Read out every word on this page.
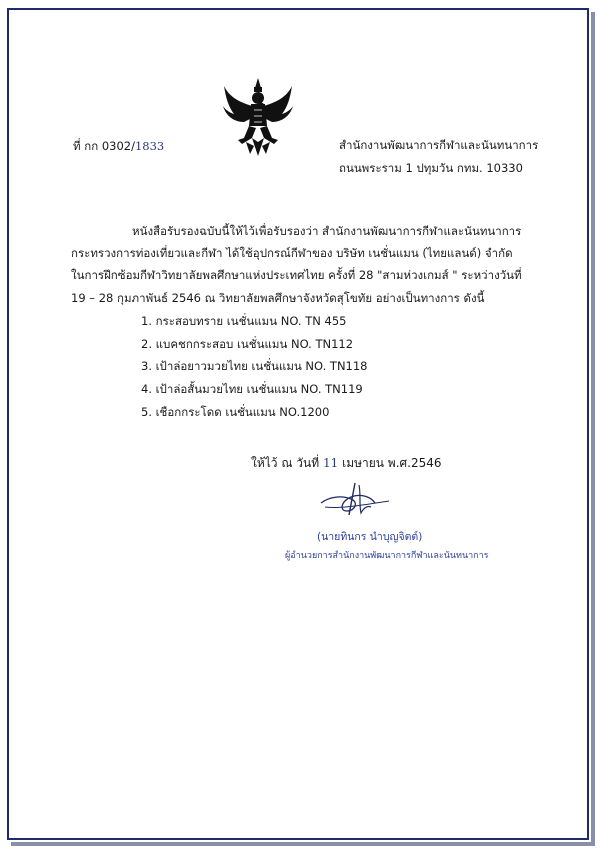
ที่ กก 0302/1833	สำนักงานพัฒนาการกีฬาและนันทนาการ
ถนนพระราม 1 ปทุมวัน กทม. 10330
หนังสือรับรองฉบับนี้ให้ไว้เพื่อรับรองว่า สำนักงานพัฒนาการกีฬาและนันทนาการ
กระทรวงการท่องเที่ยวและกีฬา ได้ใช้อุปกรณ์กีฬาของ บริษัท เนชั่นแมน (ไทยแลนด์) จำกัด
ในการฝึกซ้อมกีฬาวิทยาลัยพลศึกษาแห่งประเทศไทย ครั้งที่ 28 "สามห่วงเกมส์ " ระหว่างวันที่
19 – 28 กุมภาพันธ์ 2546 ณ วิทยาลัยพลศึกษาจังหวัดสุโขทัย อย่างเป็นทางการ ดังนี้
1. กระสอบทราย เนชั่นแมน NO. TN 455
2. แบคชกกระสอบ เนชั่นแมน NO. TN112
3. เป้าล่อยาวมวยไทย เนชั่นแมน NO. TN118
4. เป้าล่อสั้นมวยไทย เนชั่นแมน NO. TN119
5. เชือกกระโดด เนชั่นแมน NO.1200
ให้ไว้ ณ วันที่ 11 เมษายน พ.ศ.2546
(นายทินกร นำบุญจิตต์)
ผู้อำนวยการสำนักงานพัฒนาการกีฬาและนันทนาการ
